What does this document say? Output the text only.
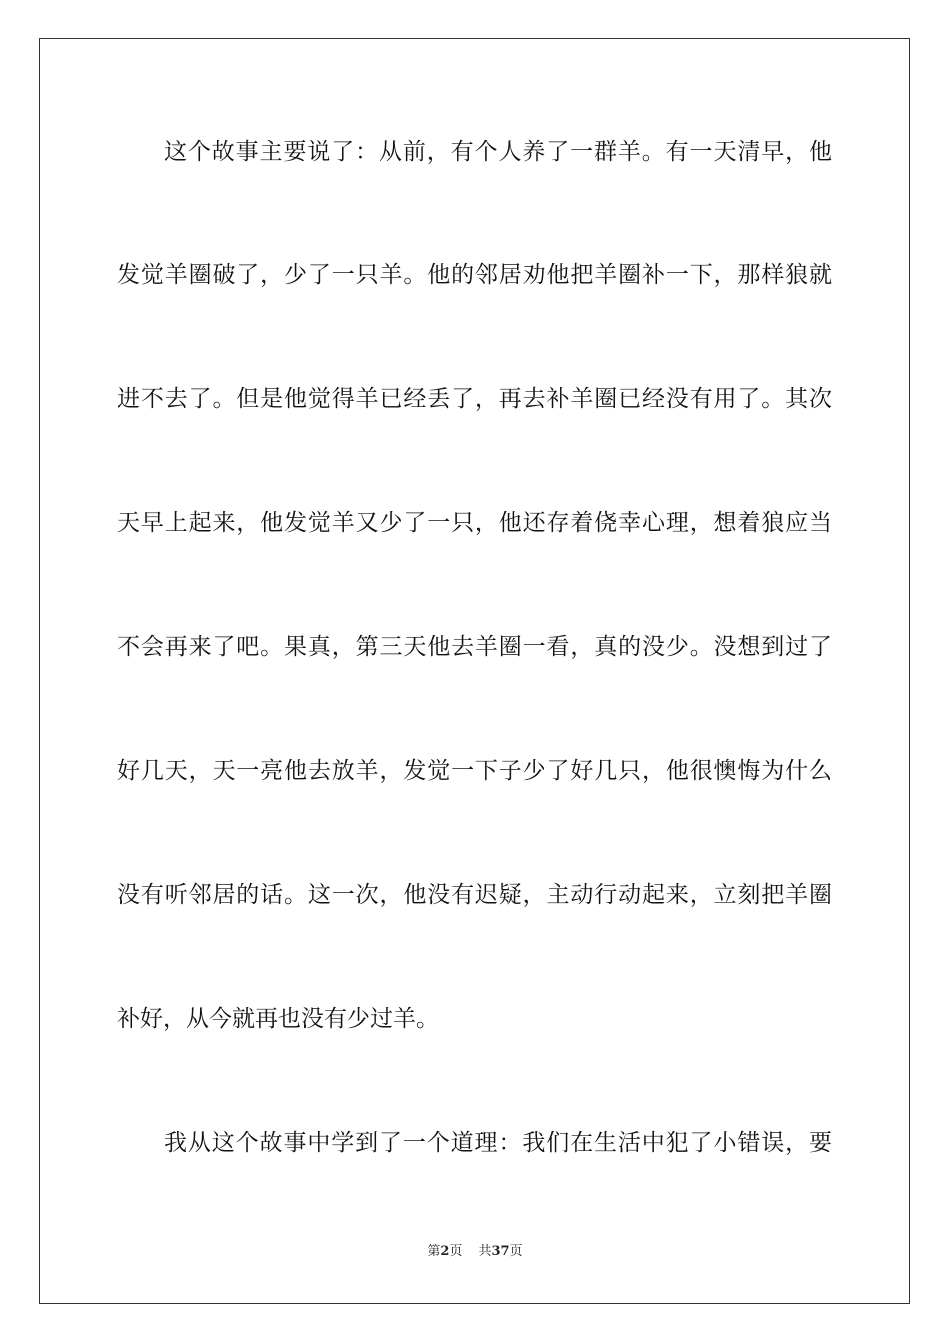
这个故事主要说了：从前，有个人养了一群羊。有一天清早，他
发觉羊圈破了，少了一只羊。他的邻居劝他把羊圈补一下，那样狼就
进不去了。但是他觉得羊已经丢了，再去补羊圈已经没有用了。其次
天早上起来，他发觉羊又少了一只，他还存着侥幸心理，想着狼应当
不会再来了吧。果真，第三天他去羊圈一看，真的没少。没想到过了
好几天，天一亮他去放羊，发觉一下子少了好几只，他很懊悔为什么
没有听邻居的话。这一次，他没有迟疑，主动行动起来，立刻把羊圈
补好，从今就再也没有少过羊。
我从这个故事中学到了一个道理：我们在生活中犯了小错误，要
第2页 共37页
